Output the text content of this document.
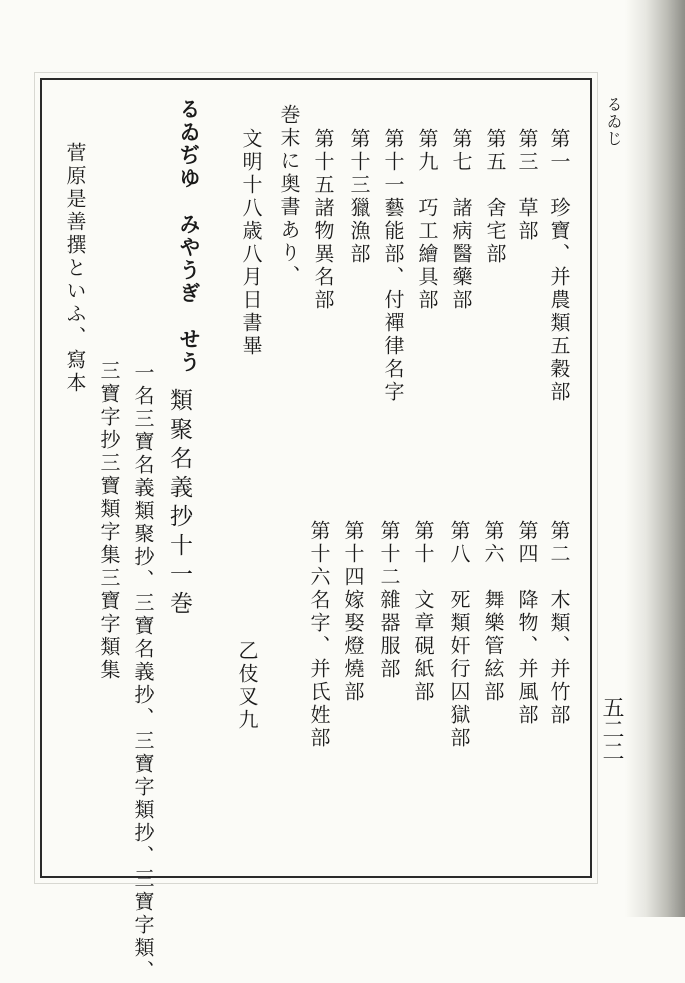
るゐじ
五二二
第一　珍寶、并農類五穀部
第三　草部
第五　舍宅部
第七　諸病醫藥部
第九　巧工繪具部
第十一藝能部、付禪律名字
第十三獵漁部
第十五諸物異名部
巻末に奥書あり、
文明十八歳八月日書畢
第二　木類、并竹部
第四　降物、并風部
第六　舞樂管絃部
第八　死類奸行囚獄部
第十　文章硯紙部
第十二雜器服部
第十四嫁娶燈燒部
第十六名字、并氏姓部
乙伎叉九
るゐぢゆ　みやうぎ　せう
類聚名義抄十一巻
一名三寶名義類聚抄、三寶名義抄、三寶字類抄、三寶字類、
三寶字抄三寶類字集三寶字類集
菅原是善撰といふ、寫本
